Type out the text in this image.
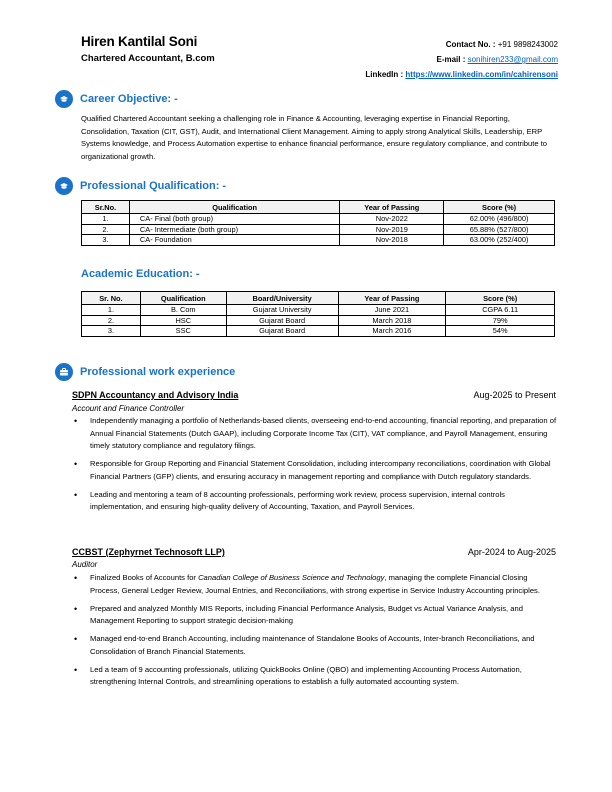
Hiren Kantilal Soni
Chartered Accountant, B.com
Contact No. : +91 9898243002
E-mail : sonihiren233@gmail.com
LinkedIn : https://www.linkedin.com/in/cahirensoni
Career Objective: -
Qualified Chartered Accountant seeking a challenging role in Finance & Accounting, leveraging expertise in Financial Reporting, Consolidation, Taxation (CIT, GST), Audit, and International Client Management. Aiming to apply strong Analytical Skills, Leadership, ERP Systems knowledge, and Process Automation expertise to enhance financial performance, ensure regulatory compliance, and contribute to organizational growth.
Professional Qualification: -
Sr.No.	Qualification	Year of Passing	Score (%)
1.	CA- Final (both group)	Nov-2022	62.00% (496/800)
2.	CA- Intermediate (both group)	Nov-2019	65.88% (527/800)
3.	CA- Foundation	Nov-2018	63.00% (252/400)
Academic Education: -
Sr. No.	Qualification	Board/University	Year of Passing	Score (%)
1.	B. Com	Gujarat University	June 2021	CGPA 6.11
2.	HSC	Gujarat Board	March 2018	79%
3.	SSC	Gujarat Board	March 2016	54%
Professional work experience
SDPN Accountancy and Advisory India	Aug-2025 to Present
Account and Finance Controller
• Independently managing a portfolio of Netherlands-based clients, overseeing end-to-end accounting, financial reporting, and preparation of Annual Financial Statements (Dutch GAAP), including Corporate Income Tax (CIT), VAT compliance, and Payroll Management, ensuring timely statutory compliance and regulatory filings.
• Responsible for Group Reporting and Financial Statement Consolidation, including intercompany reconciliations, coordination with Global Financial Partners (GFP) clients, and ensuring accuracy in management reporting and compliance with Dutch regulatory standards.
• Leading and mentoring a team of 8 accounting professionals, performing work review, process supervision, internal controls implementation, and ensuring high-quality delivery of Accounting, Taxation, and Payroll Services.
CCBST (Zephyrnet Technosoft LLP)	Apr-2024 to Aug-2025
Auditor
• Finalized Books of Accounts for Canadian College of Business Science and Technology, managing the complete Financial Closing Process, General Ledger Review, Journal Entries, and Reconciliations, with strong expertise in Service Industry Accounting principles.
• Prepared and analyzed Monthly MIS Reports, including Financial Performance Analysis, Budget vs Actual Variance Analysis, and Management Reporting to support strategic decision-making
• Managed end-to-end Branch Accounting, including maintenance of Standalone Books of Accounts, Inter-branch Reconciliations, and Consolidation of Branch Financial Statements.
• Led a team of 9 accounting professionals, utilizing QuickBooks Online (QBO) and implementing Accounting Process Automation, strengthening Internal Controls, and streamlining operations to establish a fully automated accounting system.
